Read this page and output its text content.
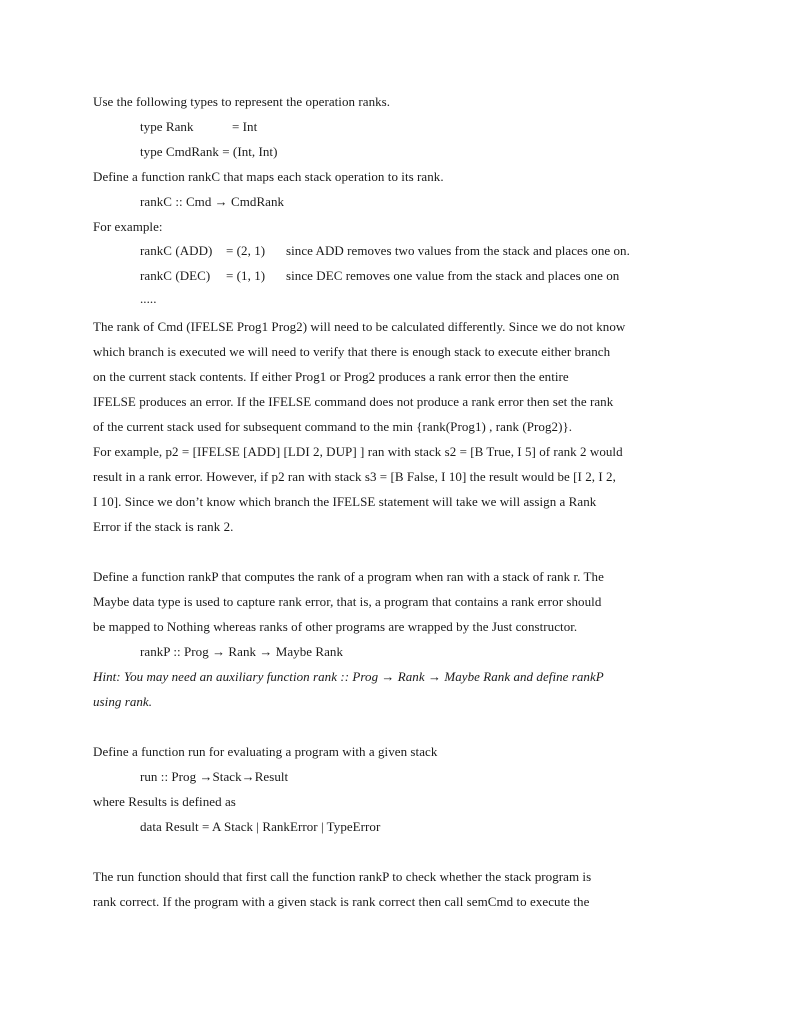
Use the following types to represent the operation ranks.
type Rank	= Int
type CmdRank = (Int, Int)
Define a function rankC that maps each stack operation to its rank.
rankC :: Cmd → CmdRank
For example:
rankC (ADD) = (2, 1) since ADD removes two values from the stack and places one on.
rankC (DEC) = (1, 1) since DEC removes one value from the stack and places one on
.....
The rank of Cmd (IFELSE Prog1 Prog2) will need to be calculated differently. Since we do not know
which branch is executed we will need to verify that there is enough stack to execute either branch
on the current stack contents. If either Prog1 or Prog2 produces a rank error then the entire
IFELSE produces an error. If the IFELSE command does not produce a rank error then set the rank
of the current stack used for subsequent command to the min {rank(Prog1) , rank (Prog2)}.
For example, p2 = [IFELSE [ADD] [LDI 2, DUP] ] ran with stack s2 = [B True, I 5] of rank 2 would
result in a rank error. However, if p2 ran with stack s3 = [B False, I 10] the result would be [I 2, I 2,
I 10]. Since we don’t know which branch the IFELSE statement will take we will assign a Rank
Error if the stack is rank 2.
Define a function rankP that computes the rank of a program when ran with a stack of rank r. The
Maybe data type is used to capture rank error, that is, a program that contains a rank error should
be mapped to Nothing whereas ranks of other programs are wrapped by the Just constructor.
rankP :: Prog → Rank → Maybe Rank
Hint: You may need an auxiliary function rank :: Prog → Rank → Maybe Rank and define rankP
using rank.
Define a function run for evaluating a program with a given stack
run :: Prog →Stack→Result
where Results is defined as
data Result = A Stack | RankError | TypeError
The run function should that first call the function rankP to check whether the stack program is
rank correct. If the program with a given stack is rank correct then call semCmd to execute the
